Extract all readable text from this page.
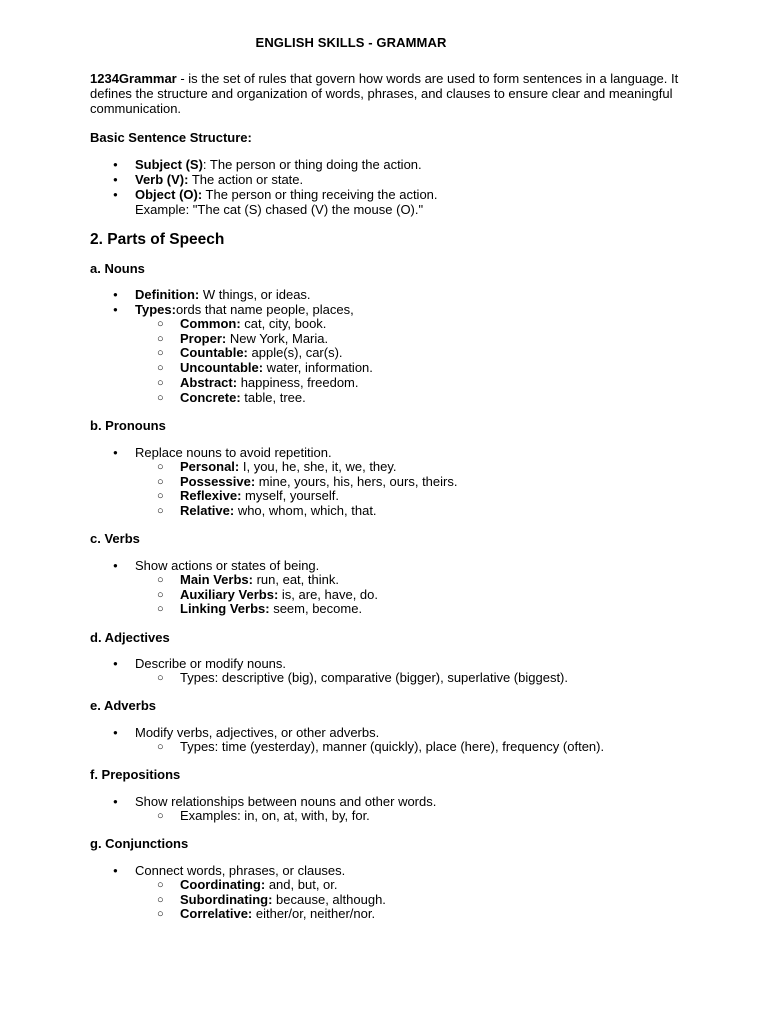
ENGLISH SKILLS - GRAMMAR
1234Grammar - is the set of rules that govern how words are used to form sentences in a language. It defines the structure and organization of words, phrases, and clauses to ensure clear and meaningful communication.
Basic Sentence Structure:
● Subject (S): The person or thing doing the action.
● Verb (V): The action or state.
● Object (O): The person or thing receiving the action.
Example: "The cat (S) chased (V) the mouse (O)."
2. Parts of Speech
a. Nouns
● Definition: W things, or ideas.
● Types:ords that name people, places,
○ Common: cat, city, book.
○ Proper: New York, Maria.
○ Countable: apple(s), car(s).
○ Uncountable: water, information.
○ Abstract: happiness, freedom.
○ Concrete: table, tree.
b. Pronouns
● Replace nouns to avoid repetition.
○ Personal: I, you, he, she, it, we, they.
○ Possessive: mine, yours, his, hers, ours, theirs.
○ Reflexive: myself, yourself.
○ Relative: who, whom, which, that.
c. Verbs
● Show actions or states of being.
○ Main Verbs: run, eat, think.
○ Auxiliary Verbs: is, are, have, do.
○ Linking Verbs: seem, become.
d. Adjectives
● Describe or modify nouns.
○ Types: descriptive (big), comparative (bigger), superlative (biggest).
e. Adverbs
● Modify verbs, adjectives, or other adverbs.
○ Types: time (yesterday), manner (quickly), place (here), frequency (often).
f. Prepositions
● Show relationships between nouns and other words.
○ Examples: in, on, at, with, by, for.
g. Conjunctions
● Connect words, phrases, or clauses.
○ Coordinating: and, but, or.
○ Subordinating: because, although.
○ Correlative: either/or, neither/nor.
